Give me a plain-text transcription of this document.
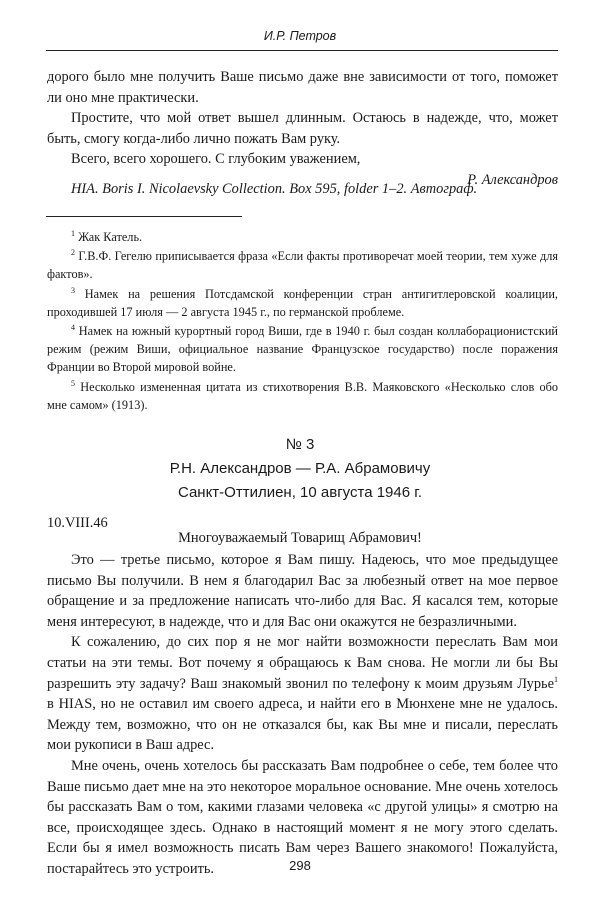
И.Р. Петров

дорого было мне получить Ваше письмо даже вне зависимости от того, поможет ли оно мне практически.

Простите, что мой ответ вышел длинным. Остаюсь в надежде, что, может быть, смогу когда-либо лично пожать Вам руку.

Всего, всего хорошего. С глубоким уважением,

Р. Александров

HIA. Boris I. Nicolaevsky Collection. Box 595, folder 1–2. Автограф.

$^1$ Жак Катель.

$^2$ Г.В.Ф. Гегелю приписывается фраза «Если факты противоречат моей теории, тем хуже для фактов».

$^3$ Намек на решения Потсдамской конференции стран антигитлеровской коалиции, проходившей 17 июля — 2 августа 1945 г., по германской проблеме.

$^4$ Намек на южный курортный город Виши, где в 1940 г. был создан коллаборационистский режим (режим Виши, официальное название Французское государство) после поражения Франции во Второй мировой войне.

$^5$ Несколько измененная цитата из стихотворения В.В. Маяковского «Несколько слов обо мне самом» (1913).

№ 3
Р.Н. Александров — Р.А. Абрамовичу
Санкт-Оттилиен, 10 августа 1946 г.
10.VIII.46
Многоуважаемый Товарищ Абрамович!

Это — третье письмо, которое я Вам пишу. Надеюсь, что мое предыдущее письмо Вы получили. В нем я благодарил Вас за любезный ответ на мое первое обращение и за предложение написать что-либо для Вас. Я касался тем, которые меня интересуют, в надежде, что и для Вас они окажутся не безразличными.

К сожалению, до сих пор я не мог найти возможности переслать Вам мои статьи на эти темы. Вот почему я обращаюсь к Вам снова. Не могли ли бы Вы разрешить эту задачу? Ваш знакомый звонил по телефону к моим друзьям Лурье$^1$ в HIAS, но не оставил им своего адреса, и найти его в Мюнхене мне не удалось. Между тем, возможно, что он не отказался бы, как Вы мне и писали, переслать мои рукописи в Ваш адрес.

Мне очень, очень хотелось бы рассказать Вам подробнее о себе, тем более что Ваше письмо дает мне на это некоторое моральное основание. Мне очень хотелось бы рассказать Вам о том, какими глазами человека «с другой улицы» я смотрю на все, происходящее здесь. Однако в настоящий момент я не могу этого сделать. Если бы я имел возможность писать Вам через Вашего знакомого! Пожалуйста, постарайтесь это устроить.	298
